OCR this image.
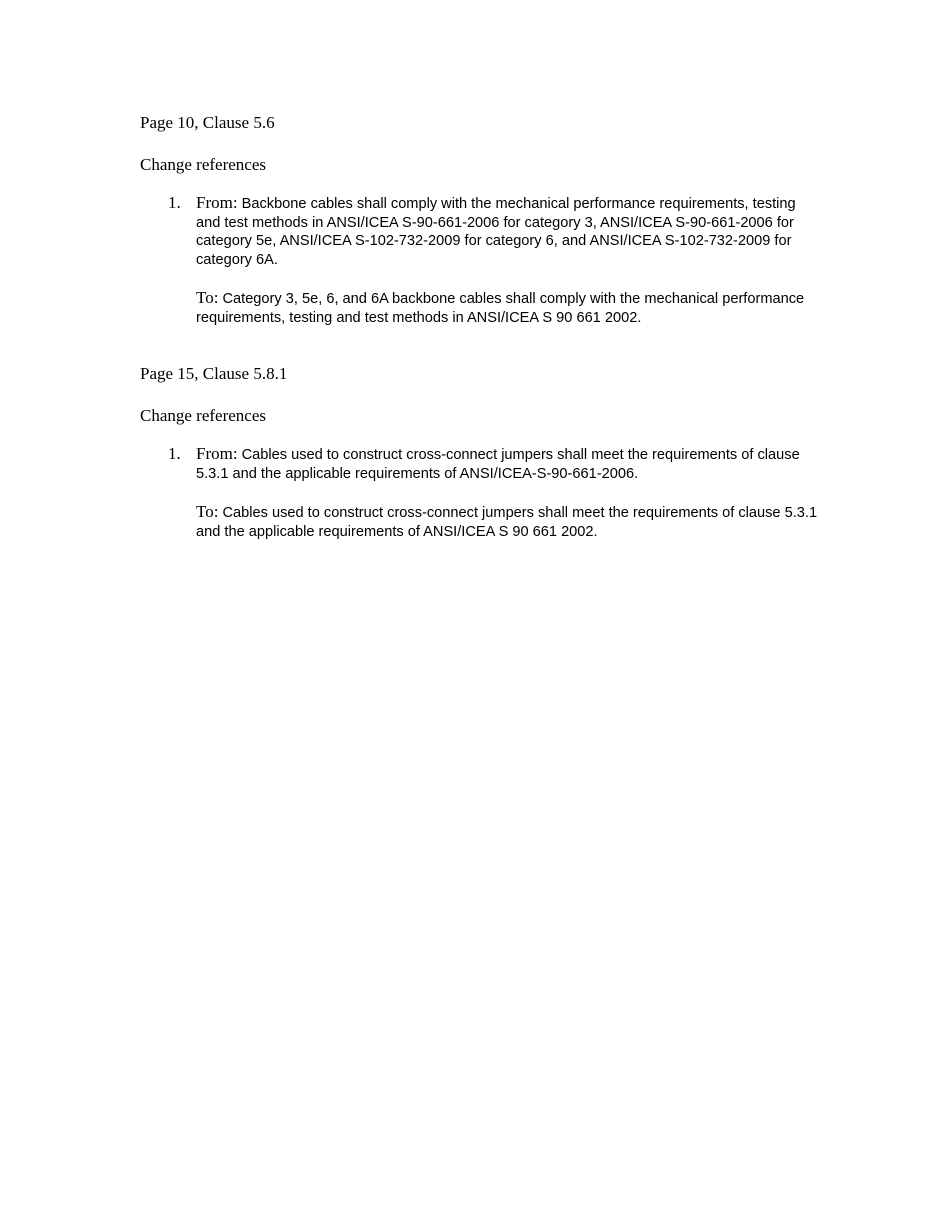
Page 10, Clause 5.6

Change references

1. From: Backbone cables shall comply with the mechanical performance requirements, testing and test methods in ANSI/ICEA S-90-661-2006 for category 3, ANSI/ICEA S-90-661-2006 for category 5e, ANSI/ICEA S-102-732-2009 for category 6, and ANSI/ICEA S-102-732-2009 for category 6A.

To: Category 3, 5e, 6, and 6A backbone cables shall comply with the mechanical performance requirements, testing and test methods in ANSI/ICEA S 90 661 2002.

Page 15, Clause 5.8.1

Change references

1. From: Cables used to construct cross-connect jumpers shall meet the requirements of clause 5.3.1 and the applicable requirements of ANSI/ICEA-S-90-661-2006.

To: Cables used to construct cross-connect jumpers shall meet the requirements of clause 5.3.1 and the applicable requirements of ANSI/ICEA S 90 661 2002.
